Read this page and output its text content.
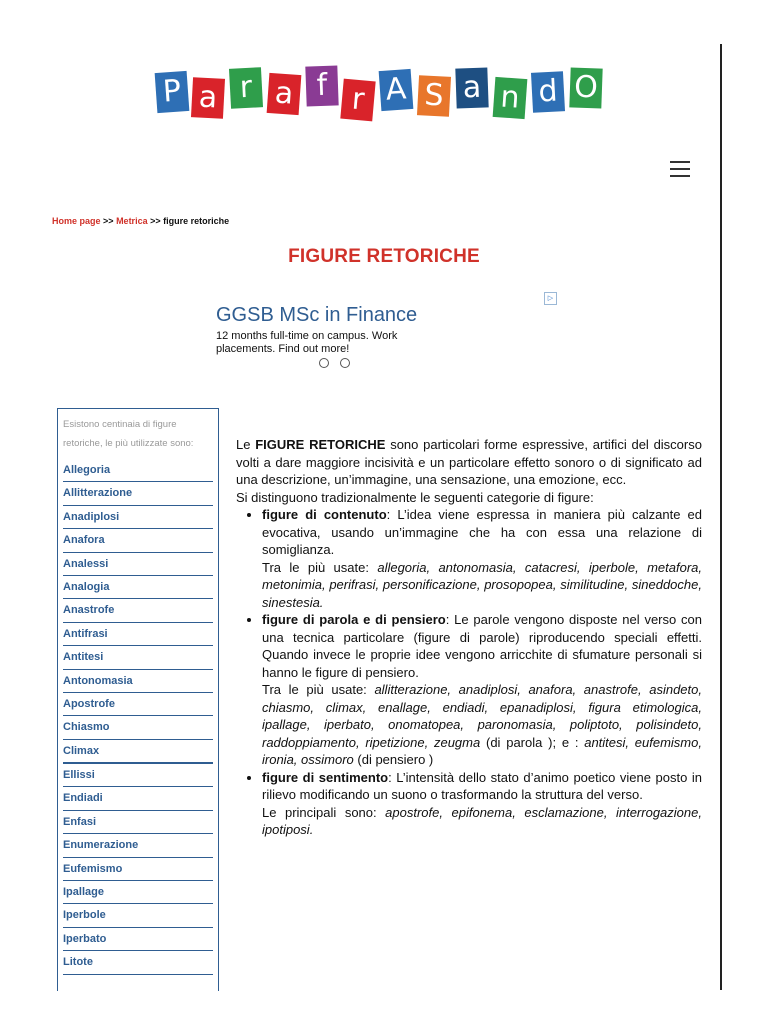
P a r a f r A S a n d O
Home page >> Metrica >> figure retoriche
FIGURE RETORICHE
▷
GGSB MSc in Finance
12 months full-time on campus. Work placements. Find out more!
Esistono centinaia di figure retoriche, le più utilizzate sono:
Allegoria
Allitterazione
Anadiplosi
Anafora
Analessi
Analogia
Anastrofe
Antifrasi
Antitesi
Antonomasia
Apostrofe
Chiasmo
Climax
Ellissi
Endiadi
Enfasi
Enumerazione
Eufemismo
Ipallage
Iperbole
Iperbato
Litote

Le FIGURE RETORICHE sono particolari forme espressive, artifici del discorso volti a dare maggiore incisività e un particolare effetto sonoro o di significato ad una descrizione, un’immagine, una sensazione, una emozione, ecc.

Si distinguono tradizionalmente le seguenti categorie di figure:

• figure di contenuto: L’idea viene espressa in maniera più calzante ed evocativa, usando un’immagine che ha con essa una relazione di somiglianza.
Tra le più usate: allegoria, antonomasia, catacresi, iperbole, metafora, metonimia, perifrasi, personificazione, prosopopea, similitudine, sineddoche, sinestesia.
• figure di parola e di pensiero: Le parole vengono disposte nel verso con una tecnica particolare (figure di parole) riproducendo speciali effetti. Quando invece le proprie idee vengono arricchite di sfumature personali si hanno le figure di pensiero.
Tra le più usate: allitterazione, anadiplosi, anafora, anastrofe, asindeto, chiasmo, climax, enallage, endiadi, epanadiplosi, figura etimologica, ipallage, iperbato, onomatopea, paronomasia, poliptoto, polisindeto, raddoppiamento, ripetizione, zeugma (di parola ); e : antitesi, eufemismo, ironia, ossimoro (di pensiero )
• figure di sentimento: L’intensità dello stato d’animo poetico viene posto in rilievo modificando un suono o trasformando la struttura del verso.
Le principali sono: apostrofe, epifonema, esclamazione, interrogazione, ipotiposi.
